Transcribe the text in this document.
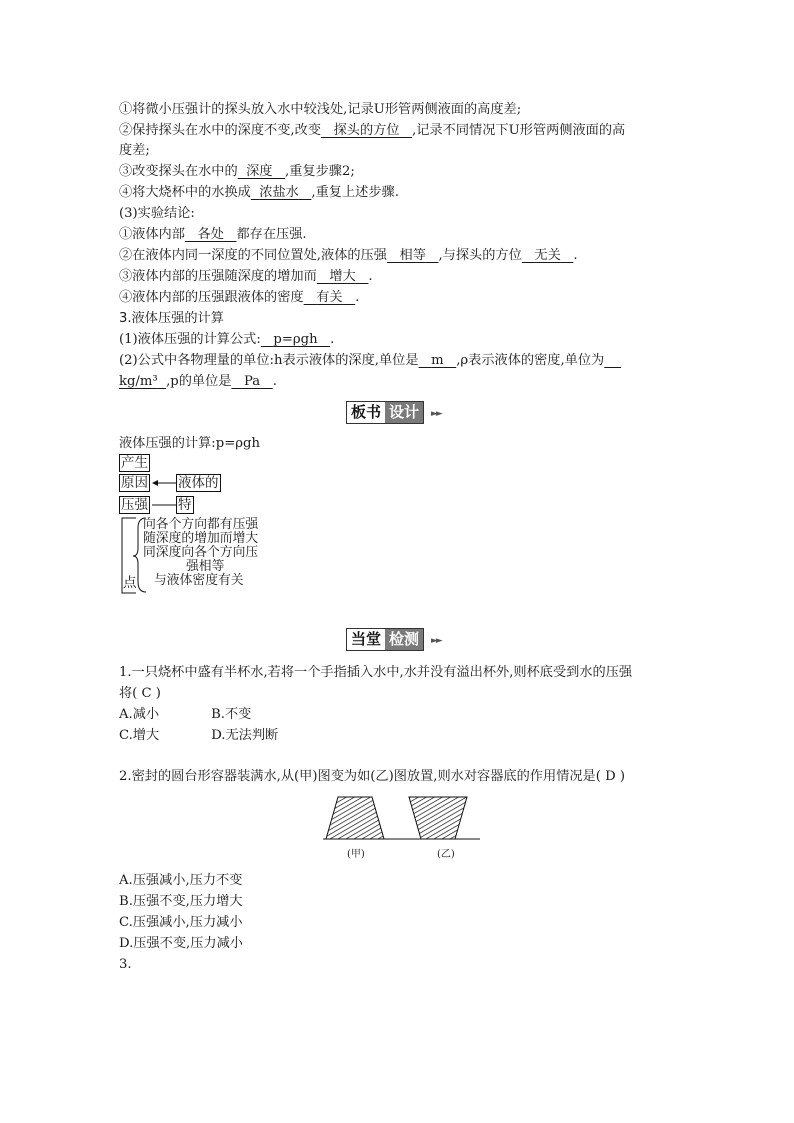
①将微小压强计的探头放入水中较浅处,记录U形管两侧液面的高度差;
②保持探头在水中的深度不变,改变 探头的方位 ,记录不同情况下U形管两侧液面的高
度差;
③改变探头在水中的 深度 ,重复步骤2;
④将大烧杯中的水换成 浓盐水 ,重复上述步骤.
(3)实验结论:
①液体内部 各处 都存在压强.
②在液体内同一深度的不同位置处,液体的压强 相等 ,与探头的方位 无关 .
③液体内部的压强随深度的增加而 增大 .
④液体内部的压强跟液体的密度 有关 .
3.液体压强的计算
(1)液体压强的计算公式: p=ρgh .
(2)公式中各物理量的单位:h表示液体的深度,单位是 m ,ρ表示液体的密度,单位为
kg/m³ ,p的单位是 Pa .
板书 设计	►►
液体压强的计算:p=ρgh
产生
原因 液体的
压强 特
点
向各个方向都有压强
随深度的增加而增大
同深度向各个方向压
强相等
与液体密度有关
当堂 检测	►►
1.一只烧杯中盛有半杯水,若将一个手指插入水中,水并没有溢出杯外,则杯底受到水的压强
将( C )
A.减小	B.不变
C.增大	D.无法判断
2.密封的圆台形容器装满水,从(甲)图变为如(乙)图放置,则水对容器底的作用情况是( D )
(甲)	(乙)
A.压强减小,压力不变
B.压强不变,压力增大
C.压强减小,压力减小
D.压强不变,压力减小
3.
